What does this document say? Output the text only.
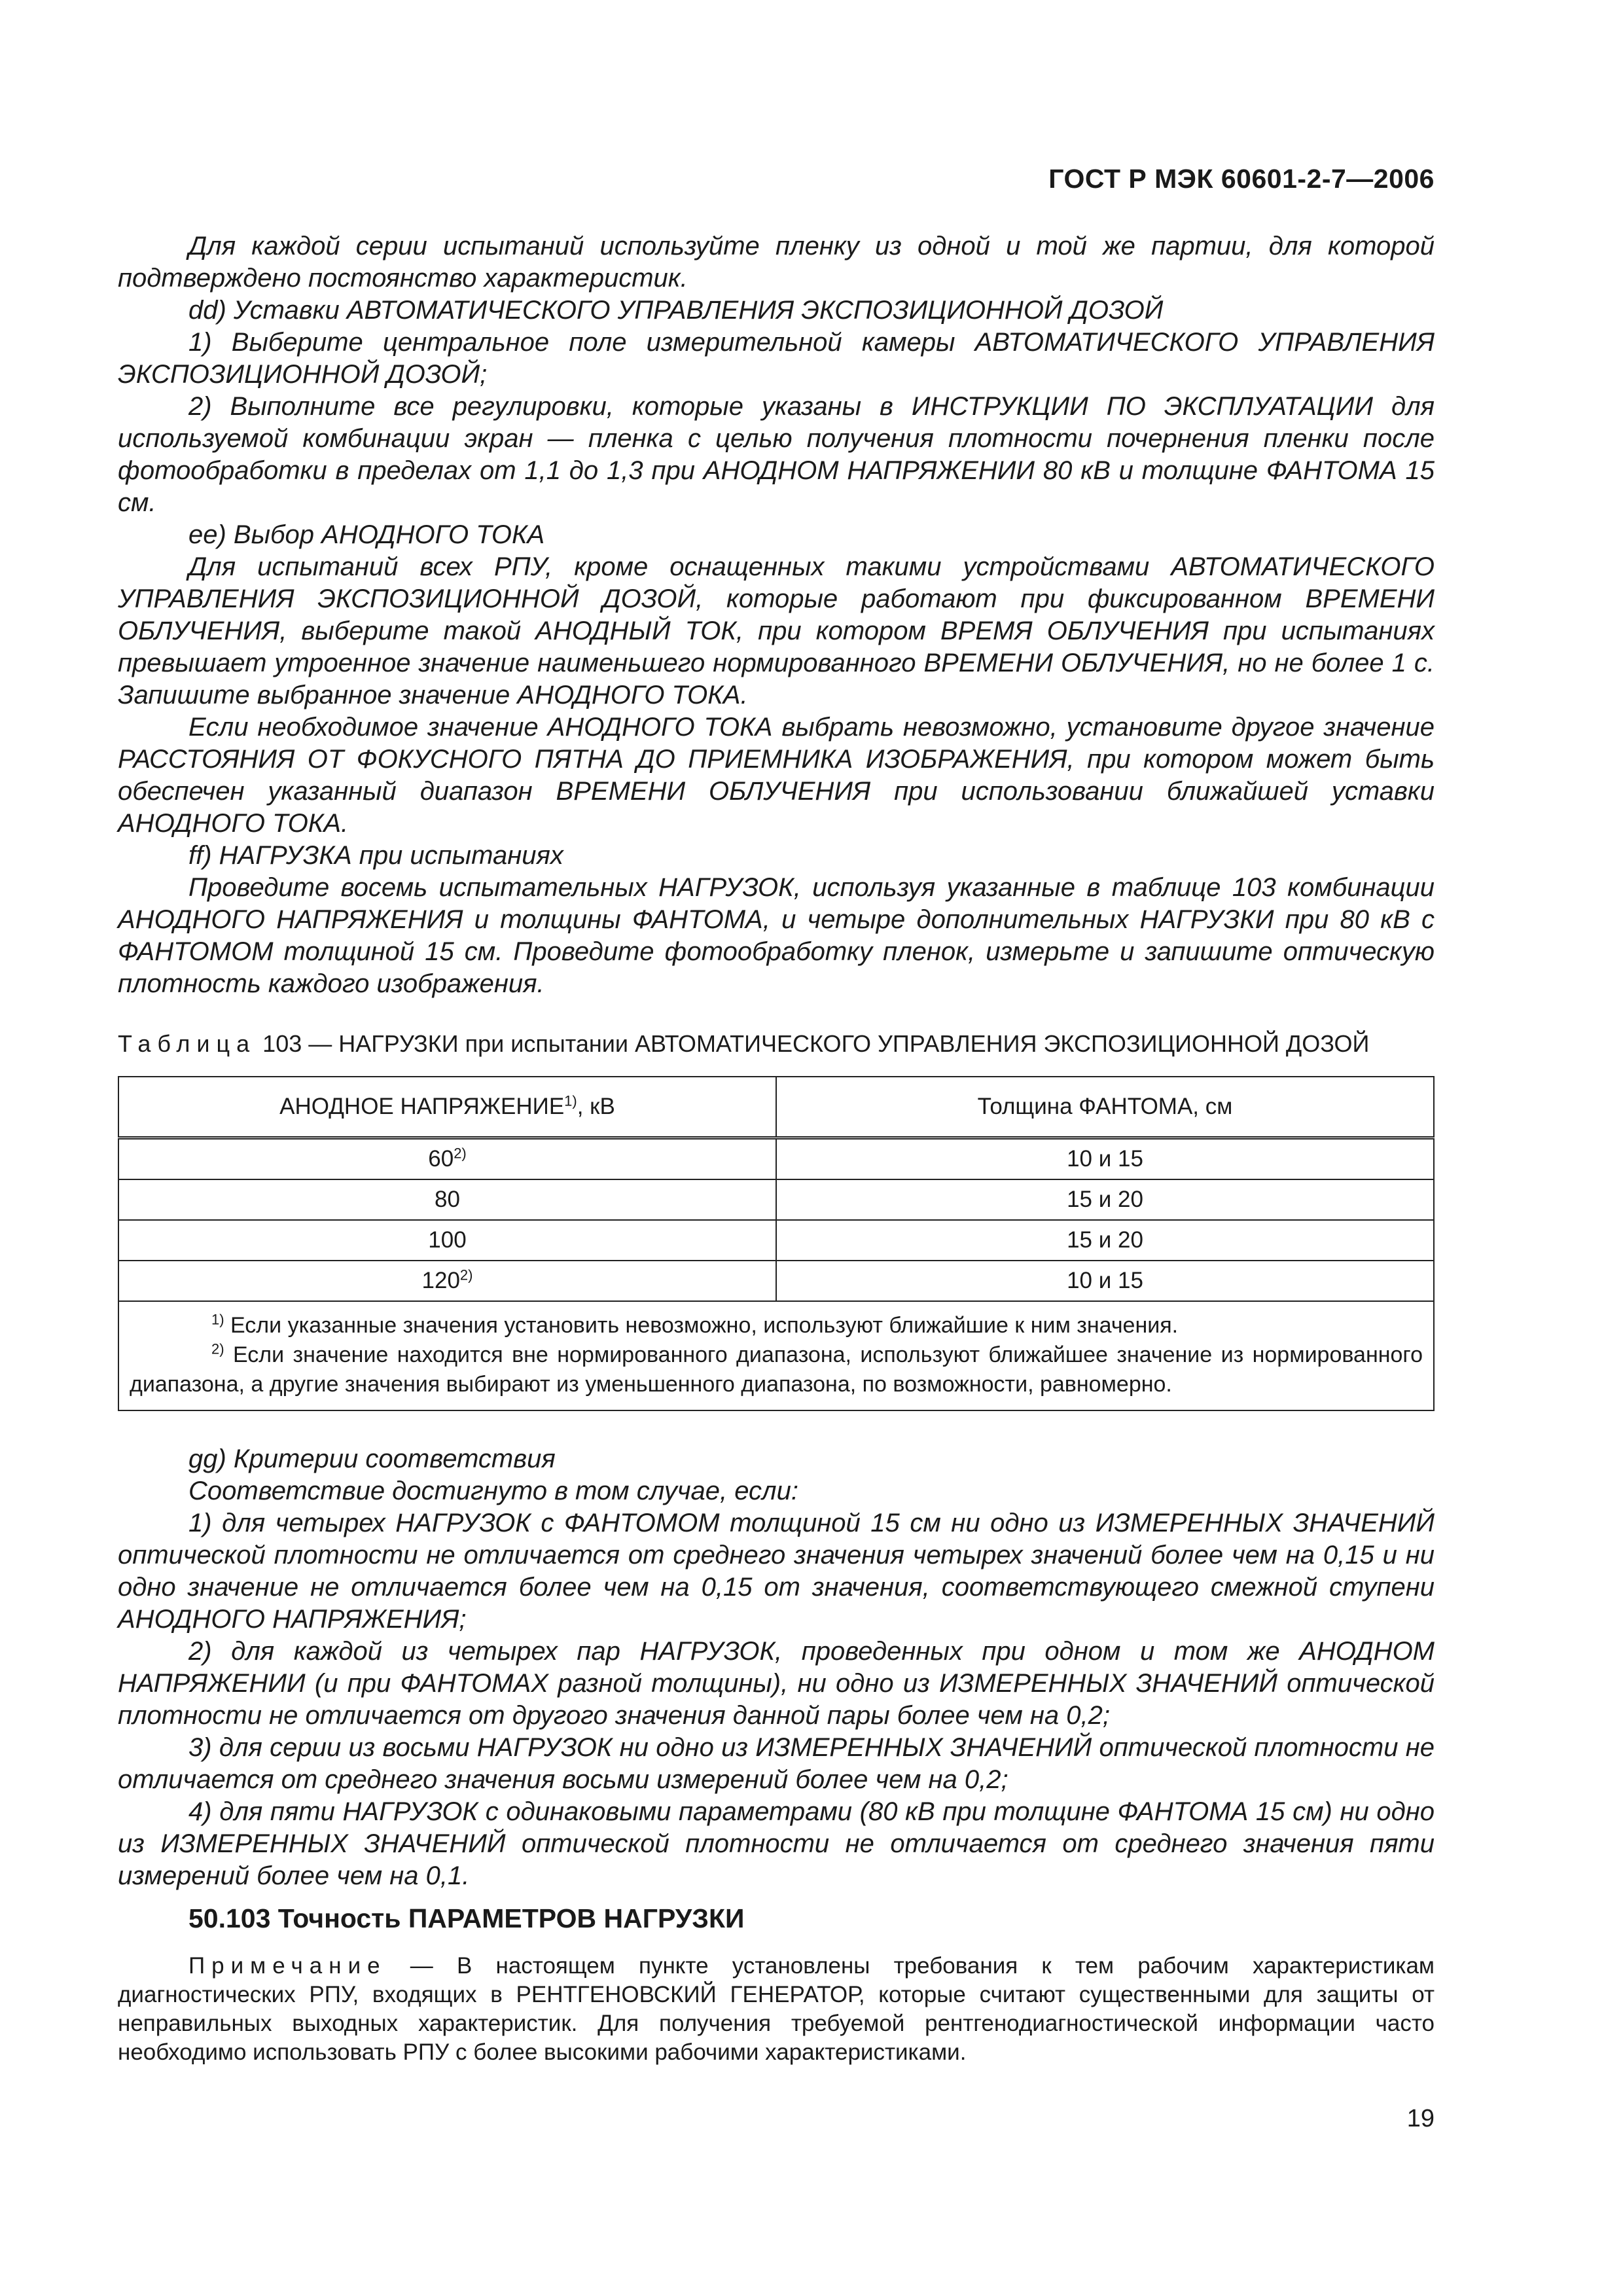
ГОСТ Р МЭК 60601-2-7—2006

Для каждой серии испытаний используйте пленку из одной и той же партии, для которой подтверждено постоянство характеристик.

dd) Уставки АВТОМАТИЧЕСКОГО УПРАВЛЕНИЯ ЭКСПОЗИЦИОННОЙ ДОЗОЙ

1) Выберите центральное поле измерительной камеры АВТОМАТИЧЕСКОГО УПРАВЛЕНИЯ ЭКСПОЗИЦИОННОЙ ДОЗОЙ;

2) Выполните все регулировки, которые указаны в ИНСТРУКЦИИ ПО ЭКСПЛУАТАЦИИ для используемой комбинации экран — пленка с целью получения плотности почернения пленки после фотообработки в пределах от 1,1 до 1,3 при АНОДНОМ НАПРЯЖЕНИИ 80 кВ и толщине ФАНТОМА 15 см.

ее) Выбор АНОДНОГО ТОКА

Для испытаний всех РПУ, кроме оснащенных такими устройствами АВТОМАТИЧЕСКОГО УПРАВЛЕНИЯ ЭКСПОЗИЦИОННОЙ ДОЗОЙ, которые работают при фиксированном ВРЕМЕНИ ОБЛУЧЕНИЯ, выберите такой АНОДНЫЙ ТОК, при котором ВРЕМЯ ОБЛУЧЕНИЯ при испытаниях превышает утроенное значение наименьшего нормированного ВРЕМЕНИ ОБЛУЧЕНИЯ, но не более 1 с. Запишите выбранное значение АНОДНОГО ТОКА.

Если необходимое значение АНОДНОГО ТОКА выбрать невозможно, установите другое значение РАССТОЯНИЯ ОТ ФОКУСНОГО ПЯТНА ДО ПРИЕМНИКА ИЗОБРАЖЕНИЯ, при котором может быть обеспечен указанный диапазон ВРЕМЕНИ ОБЛУЧЕНИЯ при использовании ближайшей уставки АНОДНОГО ТОКА.

ff) НАГРУЗКА при испытаниях

Проведите восемь испытательных НАГРУЗОК, используя указанные в таблице 103 комбинации АНОДНОГО НАПРЯЖЕНИЯ и толщины ФАНТОМА, и четыре дополнительных НАГРУЗКИ при 80 кВ с ФАНТОМОМ толщиной 15 см. Проведите фотообработку пленок, измерьте и запишите оптическую плотность каждого изображения.

Таблица 103 — НАГРУЗКИ при испытании АВТОМАТИЧЕСКОГО УПРАВЛЕНИЯ ЭКСПОЗИЦИОННОЙ ДОЗОЙ
АНОДНОЕ НАПРЯЖЕНИЕ$^{1)}$, кВ	Толщина ФАНТОМА, см
60$^{2)}$	10 и 15
80	15 и 20
100	15 и 20
120$^{2)}$	10 и 15

$^{1)}$ Если указанные значения установить невозможно, используют ближайшие к ним значения.

$^{2)}$ Если значение находится вне нормированного диапазона, используют ближайшее значение из нормированного диапазона, а другие значения выбирают из уменьшенного диапазона, по возможности, равномерно.	

gg) Критерии соответствия

Соответствие достигнуто в том случае, если:

1) для четырех НАГРУЗОК с ФАНТОМОМ толщиной 15 см ни одно из ИЗМЕРЕННЫХ ЗНАЧЕНИЙ оптической плотности не отличается от среднего значения четырех значений более чем на 0,15 и ни одно значение не отличается более чем на 0,15 от значения, соответствующего смежной ступени АНОДНОГО НАПРЯЖЕНИЯ;

2) для каждой из четырех пар НАГРУЗОК, проведенных при одном и том же АНОДНОМ НАПРЯЖЕНИИ (и при ФАНТОМАХ разной толщины), ни одно из ИЗМЕРЕННЫХ ЗНАЧЕНИЙ оптической плотности не отличается от другого значения данной пары более чем на 0,2;

3) для серии из восьми НАГРУЗОК ни одно из ИЗМЕРЕННЫХ ЗНАЧЕНИЙ оптической плотности не отличается от среднего значения восьми измерений более чем на 0,2;

4) для пяти НАГРУЗОК с одинаковыми параметрами (80 кВ при толщине ФАНТОМА 15 см) ни одно из ИЗМЕРЕННЫХ ЗНАЧЕНИЙ оптической плотности не отличается от среднего значения пяти измерений более чем на 0,1.

50.103 Точность ПАРАМЕТРОВ НАГРУЗКИ

Примечание — В настоящем пункте установлены требования к тем рабочим характеристикам диагностических РПУ, входящих в РЕНТГЕНОВСКИЙ ГЕНЕРАТОР, которые считают существенными для защиты от неправильных выходных характеристик. Для получения требуемой рентгенодиагностической информации часто необходимо использовать РПУ с более высокими рабочими характеристиками.

19
